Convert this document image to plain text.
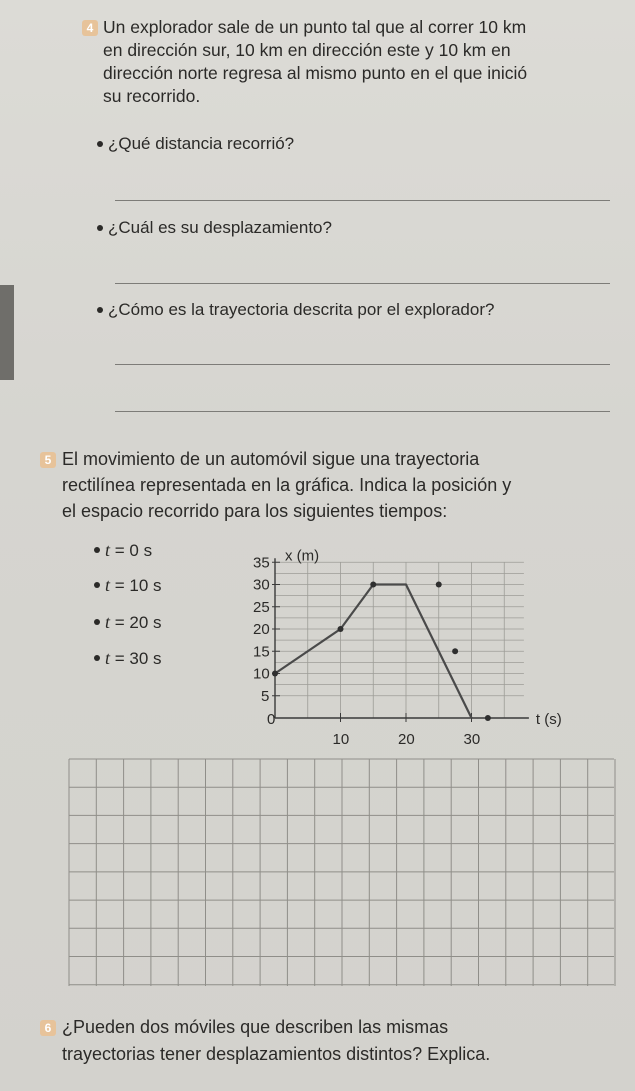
4 Un explorador sale de un punto tal que al correr 10 km
en dirección sur, 10 km en dirección este y 10 km en
dirección norte regresa al mismo punto en el que inició
su recorrido.
¿Qué distancia recorrió?
¿Cuál es su desplazamiento?
¿Cómo es la trayectoria descrita por el explorador?
5 El movimiento de un automóvil sigue una trayectoria
rectilínea representada en la gráfica. Indica la posición y
el espacio recorrido para los siguientes tiempos:
t = 0 s
t = 10 s
t = 20 s
t = 30 s
0
10	20	30
5
10
15
20
25
30
35 x (m)
t (s)
6 ¿Pueden dos móviles que describen las mismas
trayectorias tener desplazamientos distintos? Explica.
